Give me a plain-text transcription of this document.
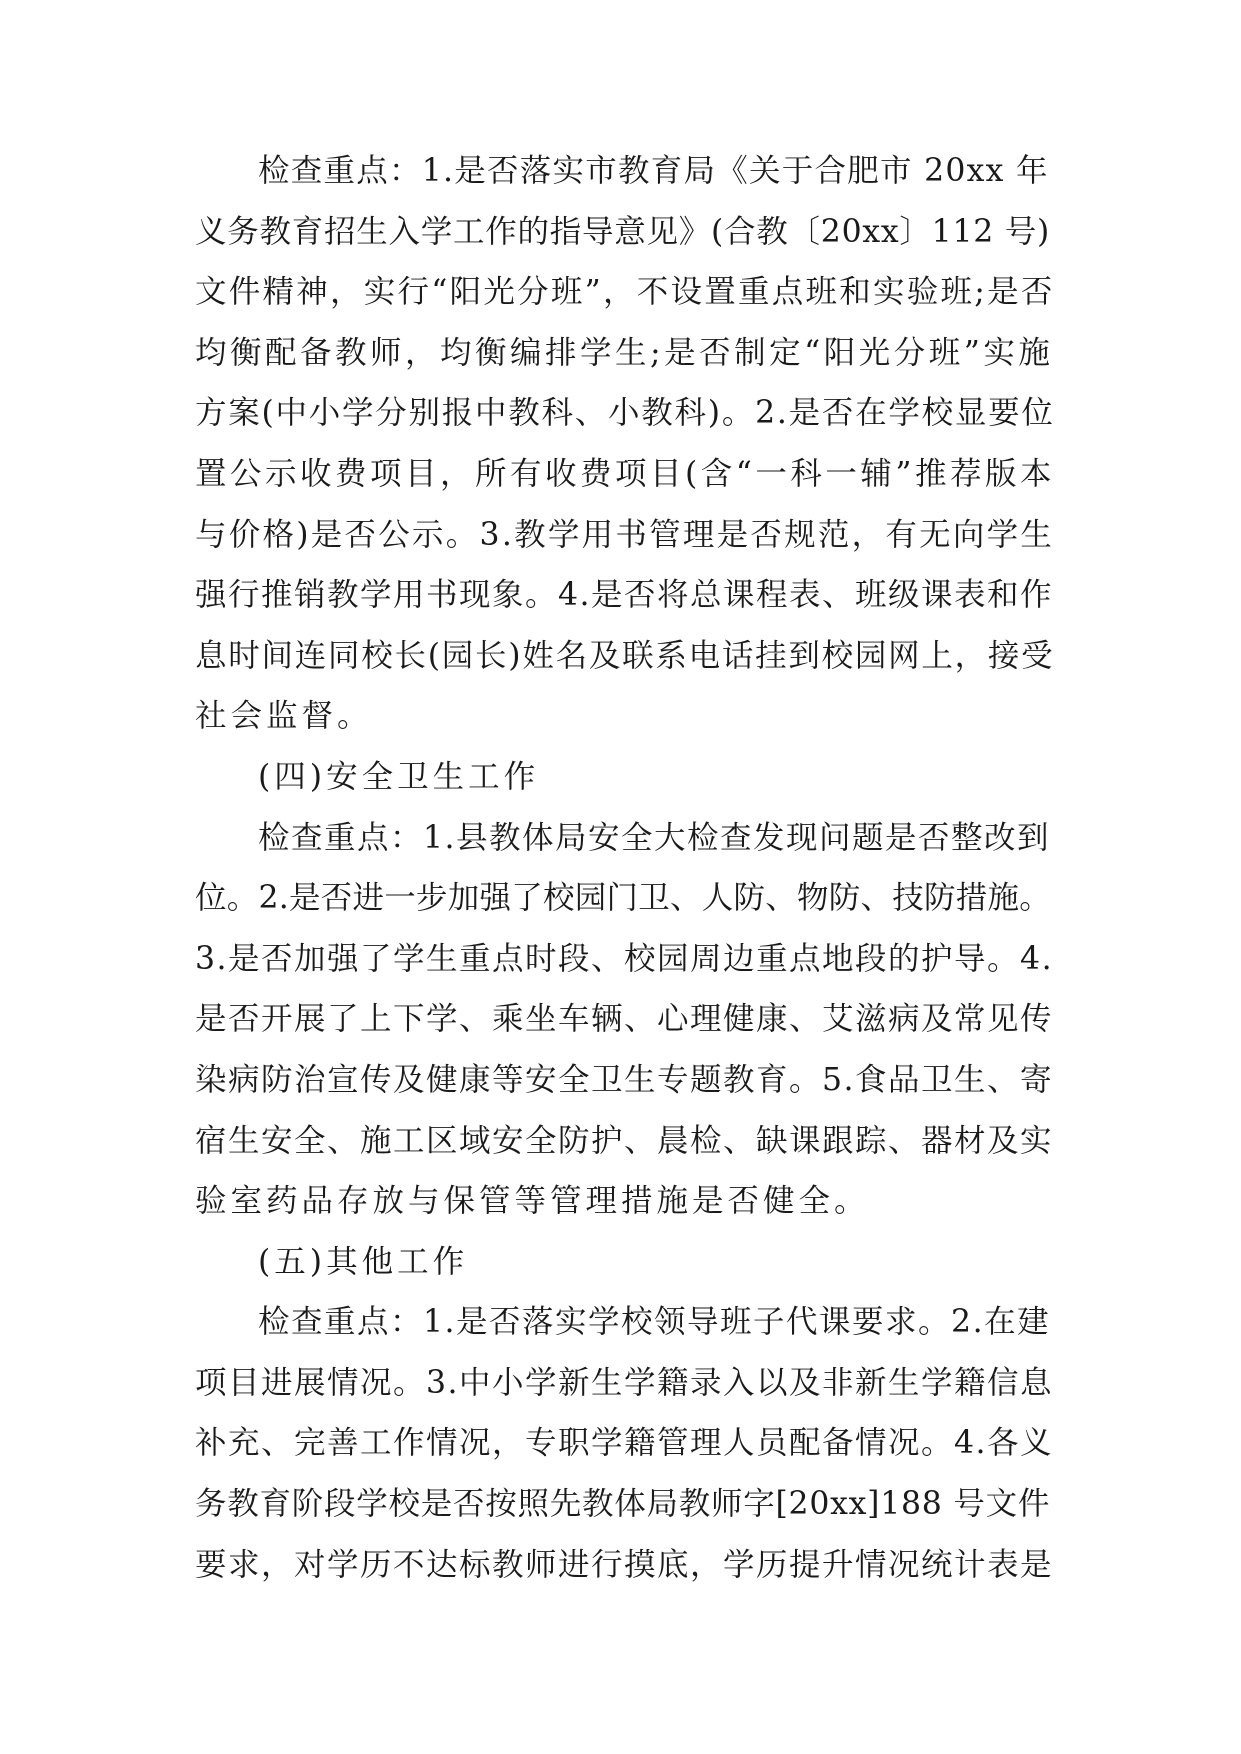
检查重点：1.是否落实市教育局《关于合肥市 20xx 年
义务教育招生入学工作的指导意见》(合教〔20xx〕112 号)
文件精神，实行“阳光分班”，不设置重点班和实验班;是否
均衡配备教师，均衡编排学生;是否制定“阳光分班”实施
方案(中小学分别报中教科、小教科)。2.是否在学校显要位
置公示收费项目，所有收费项目(含“一科一辅”推荐版本
与价格)是否公示。3.教学用书管理是否规范，有无向学生
强行推销教学用书现象。4.是否将总课程表、班级课表和作
息时间连同校长(园长)姓名及联系电话挂到校园网上，接受
社会监督。
(四)安全卫生工作
检查重点：1.县教体局安全大检查发现问题是否整改到
位。2.是否进一步加强了校园门卫、人防、物防、技防措施。
3.是否加强了学生重点时段、校园周边重点地段的护导。4.
是否开展了上下学、乘坐车辆、心理健康、艾滋病及常见传
染病防治宣传及健康等安全卫生专题教育。5.食品卫生、寄
宿生安全、施工区域安全防护、晨检、缺课跟踪、器材及实
验室药品存放与保管等管理措施是否健全。
(五)其他工作
检查重点：1.是否落实学校领导班子代课要求。2.在建
项目进展情况。3.中小学新生学籍录入以及非新生学籍信息
补充、完善工作情况，专职学籍管理人员配备情况。4.各义
务教育阶段学校是否按照先教体局教师字[20xx]188 号文件
要求，对学历不达标教师进行摸底，学历提升情况统计表是
